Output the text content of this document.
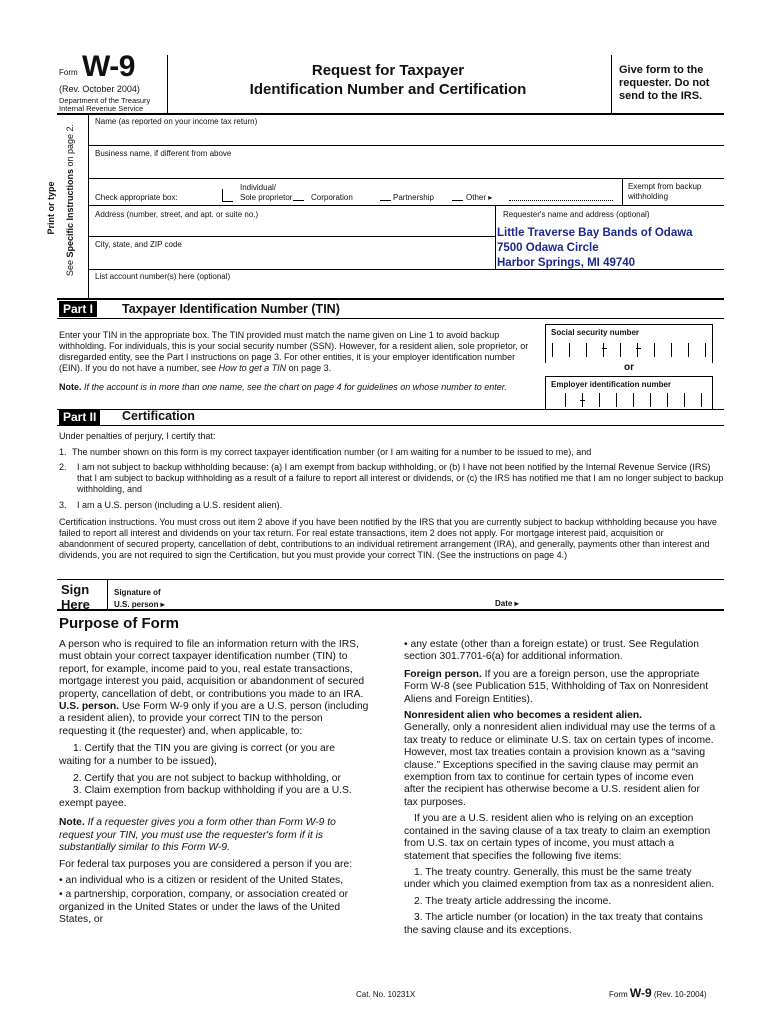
Form W-9
(Rev. October 2004)
Department of the Treasury
Internal Revenue Service
Request for Taxpayer
Identification Number and Certification
Give form to the requester. Do not send to the IRS.
See Specific Instructions on page 2.
Print or type
Name (as reported on your income tax return)
Business name, if different from above
Check appropriate box:
Individual/
Sole proprietor Corporation	Partnership	Other ▸
Exempt from backup
withholding
Address (number, street, and apt. or suite no.)	Requester's name and address (optional)
Little Traverse Bay Bands of Odawa
7500 Odawa Circle
Harbor Springs, MI 49740
City, state, and ZIP code
List account number(s) here (optional)
Part I	Taxpayer Identification Number (TIN)
Enter your TIN in the appropriate box. The TIN provided must match the name given on Line 1 to avoid backup withholding. For individuals, this is your social security number (SSN). However, for a resident alien, sole proprietor, or disregarded entity, see the Part I instructions on page 3. For other entities, it is your employer identification number (EIN). If you do not have a number, see How to get a TIN on page 3.
Note. If the account is in more than one name, see the chart on page 4 for guidelines on whose number to enter.
Social security number
or
Employer identification number
Part II	Certification
Under penalties of perjury, I certify that:
1. The number shown on this form is my correct taxpayer identification number (or I am waiting for a number to be issued to me), and
2. I am not subject to backup withholding because: (a) I am exempt from backup withholding, or (b) I have not been notified by the Internal Revenue Service (IRS) that I am subject to backup withholding as a result of a failure to report all interest or dividends, or (c) the IRS has notified me that I am no longer subject to backup withholding, and
3. I am a U.S. person (including a U.S. resident alien).
Certification instructions. You must cross out item 2 above if you have been notified by the IRS that you are currently subject to backup withholding because you have failed to report all interest and dividends on your tax return. For real estate transactions, item 2 does not apply. For mortgage interest paid, acquisition or abandonment of secured property, cancellation of debt, contributions to an individual retirement arrangement (IRA), and generally, payments other than interest and dividends, you are not required to sign the Certification, but you must provide your correct TIN. (See the instructions on page 4.)
Sign
Here
Signature of
U.S. person ▸	Date ▸
Purpose of Form

A person who is required to file an information return with the IRS, must obtain your correct taxpayer identification number (TIN) to report, for example, income paid to you, real estate transactions, mortgage interest you paid, acquisition or abandonment of secured property, cancellation of debt, or contributions you made to an IRA.

U.S. person. Use Form W-9 only if you are a U.S. person (including a resident alien), to provide your correct TIN to the person requesting it (the requester) and, when applicable, to:

1. Certify that the TIN you are giving is correct (or you are waiting for a number to be issued),

2. Certify that you are not subject to backup withholding, or

3. Claim exemption from backup withholding if you are a U.S. exempt payee.

Note. If a requester gives you a form other than Form W-9 to request your TIN, you must use the requester's form if it is substantially similar to this Form W-9.

For federal tax purposes you are considered a person if you are:

• an individual who is a citizen or resident of the United States,

• a partnership, corporation, company, or association created or organized in the United States or under the laws of the United States, or

• any estate (other than a foreign estate) or trust. See Regulation section 301.7701-6(a) for additional information.

Foreign person. If you are a foreign person, use the appropriate Form W-8 (see Publication 515, Withholding of Tax on Nonresident Aliens and Foreign Entities).

Nonresident alien who becomes a resident alien.

Generally, only a nonresident alien individual may use the terms of a tax treaty to reduce or eliminate U.S. tax on certain types of income. However, most tax treaties contain a provision known as a “saving clause.” Exceptions specified in the saving clause may permit an exemption from tax to continue for certain types of income even after the recipient has otherwise become a U.S. resident alien for tax purposes.

If you are a U.S. resident alien who is relying on an exception contained in the saving clause of a tax treaty to claim an exemption from U.S. tax on certain types of income, you must attach a statement that specifies the following five items:

1. The treaty country. Generally, this must be the same treaty under which you claimed exemption from tax as a nonresident alien.

2. The treaty article addressing the income.

3. The article number (or location) in the tax treaty that contains the saving clause and its exceptions.

Cat. No. 10231X	Form W-9 (Rev. 10-2004)
